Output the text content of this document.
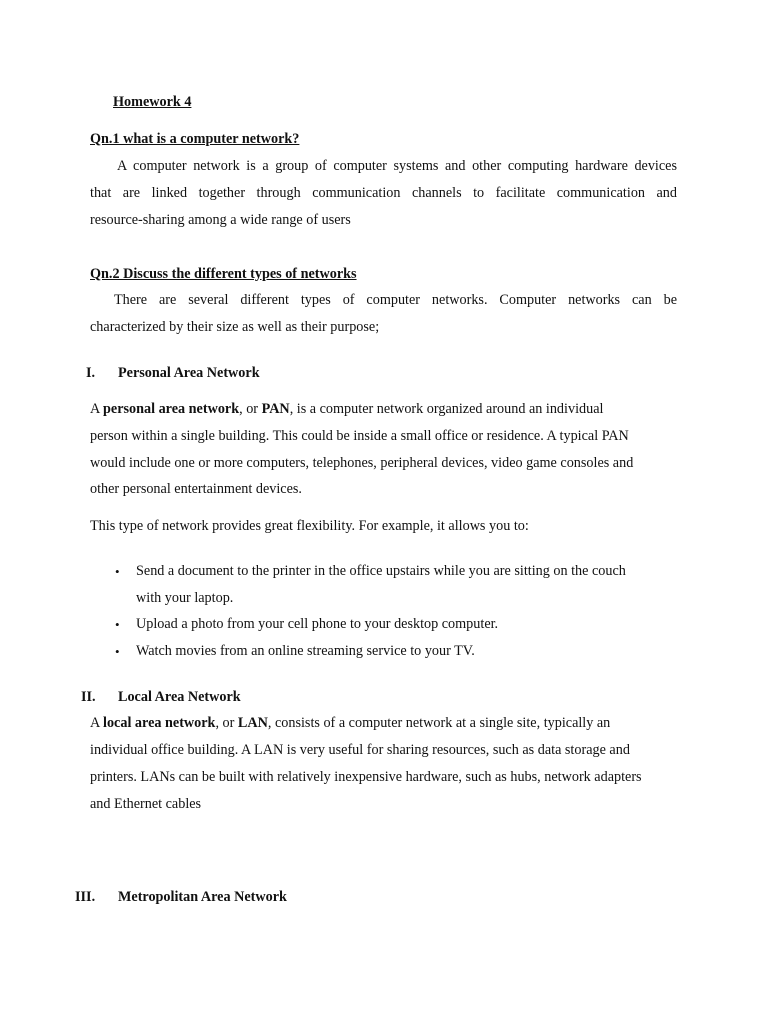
Homework 4
Qn.1 what is a computer network?
A computer network is a group of computer systems and other computing hardware devices
that are linked together through communication channels to facilitate communication and
resource-sharing among a wide range of users
Qn.2 Discuss the different types of networks
There are several different types of computer networks. Computer networks can be
characterized by their size as well as their purpose;
I. Personal Area Network
A personal area network, or PAN, is a computer network organized around an individual
person within a single building. This could be inside a small office or residence. A typical PAN
would include one or more computers, telephones, peripheral devices, video game consoles and
other personal entertainment devices.
This type of network provides great flexibility. For example, it allows you to:
• Send a document to the printer in the office upstairs while you are sitting on the couch
with your laptop.
• Upload a photo from your cell phone to your desktop computer.
• Watch movies from an online streaming service to your TV.
II. Local Area Network
A local area network, or LAN, consists of a computer network at a single site, typically an
individual office building. A LAN is very useful for sharing resources, such as data storage and
printers. LANs can be built with relatively inexpensive hardware, such as hubs, network adapters
and Ethernet cables
III. Metropolitan Area Network
